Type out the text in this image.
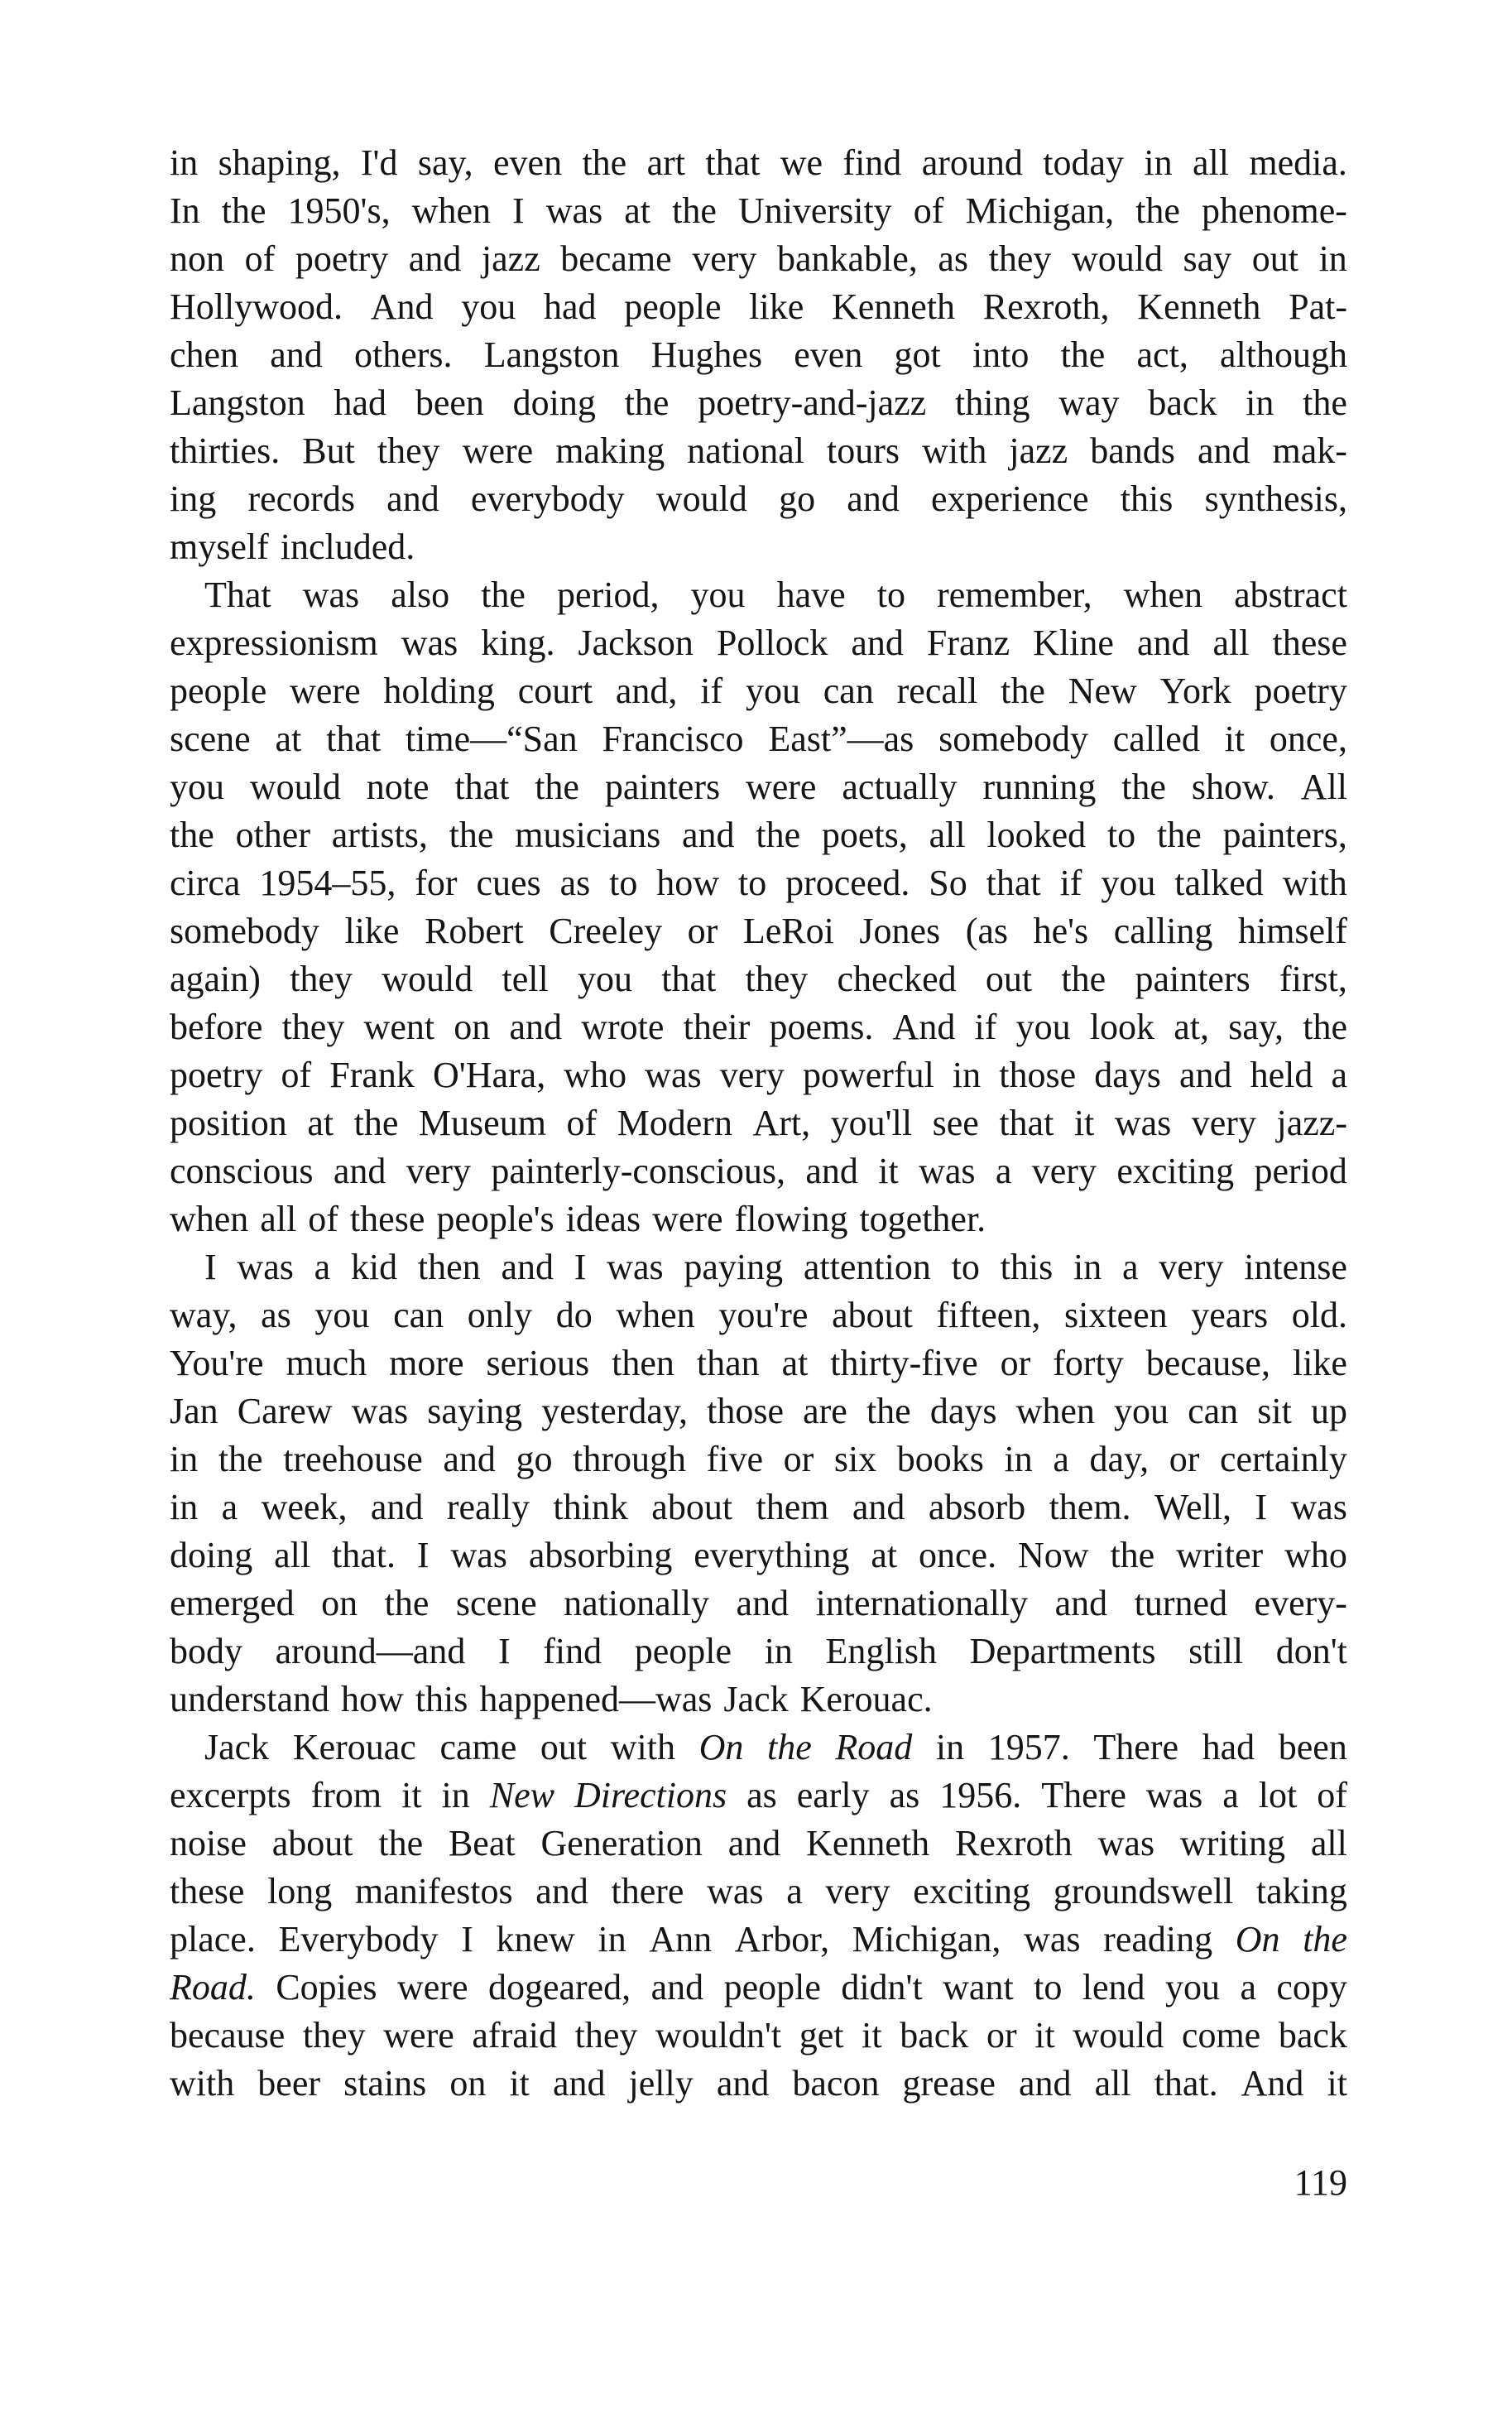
in shaping, I'd say, even the art that we find around today in all media.
In the 1950's, when I was at the University of Michigan, the phenome-
non of poetry and jazz became very bankable, as they would say out in
Hollywood. And you had people like Kenneth Rexroth, Kenneth Pat-
chen and others. Langston Hughes even got into the act, although
Langston had been doing the poetry-and-jazz thing way back in the
thirties. But they were making national tours with jazz bands and mak-
ing records and everybody would go and experience this synthesis,
myself included.
That was also the period, you have to remember, when abstract
expressionism was king. Jackson Pollock and Franz Kline and all these
people were holding court and, if you can recall the New York poetry
scene at that time—“San Francisco East”—as somebody called it once,
you would note that the painters were actually running the show. All
the other artists, the musicians and the poets, all looked to the painters,
circa 1954–55, for cues as to how to proceed. So that if you talked with
somebody like Robert Creeley or LeRoi Jones (as he's calling himself
again) they would tell you that they checked out the painters first,
before they went on and wrote their poems. And if you look at, say, the
poetry of Frank O'Hara, who was very powerful in those days and held a
position at the Museum of Modern Art, you'll see that it was very jazz-
conscious and very painterly-conscious, and it was a very exciting period
when all of these people's ideas were flowing together.
I was a kid then and I was paying attention to this in a very intense
way, as you can only do when you're about fifteen, sixteen years old.
You're much more serious then than at thirty-five or forty because, like
Jan Carew was saying yesterday, those are the days when you can sit up
in the treehouse and go through five or six books in a day, or certainly
in a week, and really think about them and absorb them. Well, I was
doing all that. I was absorbing everything at once. Now the writer who
emerged on the scene nationally and internationally and turned every-
body around—and I find people in English Departments still don't
understand how this happened—was Jack Kerouac.
Jack Kerouac came out with On the Road in 1957. There had been
excerpts from it in New Directions as early as 1956. There was a lot of
noise about the Beat Generation and Kenneth Rexroth was writing all
these long manifestos and there was a very exciting groundswell taking
place. Everybody I knew in Ann Arbor, Michigan, was reading On the
Road. Copies were dogeared, and people didn't want to lend you a copy
because they were afraid they wouldn't get it back or it would come back
with beer stains on it and jelly and bacon grease and all that. And it
119
